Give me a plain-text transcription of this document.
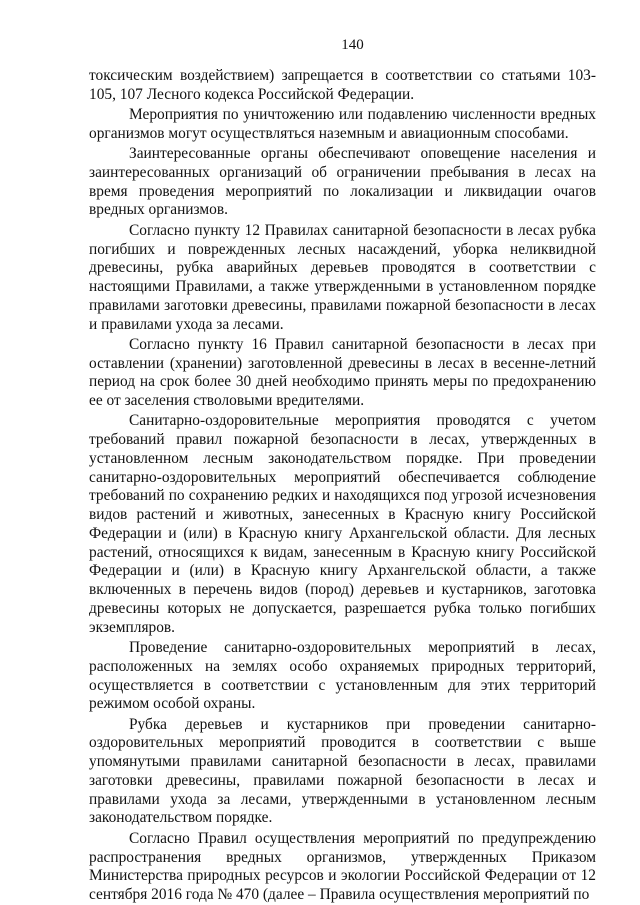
140

токсическим воздействием) запрещается в соответствии со статьями 103-105, 107 Лесного кодекса Российской Федерации.

Мероприятия по уничтожению или подавлению численности вредных организмов могут осуществляться наземным и авиационным способами.

Заинтересованные органы обеспечивают оповещение населения и заинтересованных организаций об ограничении пребывания в лесах на время проведения мероприятий по локализации и ликвидации очагов вредных организмов.

Согласно пункту 12 Правилах санитарной безопасности в лесах рубка погибших и поврежденных лесных насаждений, уборка неликвидной древесины, рубка аварийных деревьев проводятся в соответствии с настоящими Правилами, а также утвержденными в установленном порядке правилами заготовки древесины, правилами пожарной безопасности в лесах и правилами ухода за лесами.

Согласно пункту 16 Правил санитарной безопасности в лесах при оставлении (хранении) заготовленной древесины в лесах в весенне-летний период на срок более 30 дней необходимо принять меры по предохранению ее от заселения стволовыми вредителями.

Санитарно-оздоровительные мероприятия проводятся с учетом требований правил пожарной безопасности в лесах, утвержденных в установленном лесным законодательством порядке. При проведении санитарно-оздоровительных мероприятий обеспечивается соблюдение требований по сохранению редких и находящихся под угрозой исчезновения видов растений и животных, занесенных в Красную книгу Российской Федерации и (или) в Красную книгу Архангельской области. Для лесных растений, относящихся к видам, занесенным в Красную книгу Российской Федерации и (или) в Красную книгу Архангельской области, а также включенных в перечень видов (пород) деревьев и кустарников, заготовка древесины которых не допускается, разрешается рубка только погибших экземпляров.

Проведение санитарно-оздоровительных мероприятий в лесах, расположенных на землях особо охраняемых природных территорий, осуществляется в соответствии с установленным для этих территорий режимом особой охраны.

Рубка деревьев и кустарников при проведении санитарно-оздоровительных мероприятий проводится в соответствии с выше упомянутыми правилами санитарной безопасности в лесах, правилами заготовки древесины, правилами пожарной безопасности в лесах и правилами ухода за лесами, утвержденными в установленном лесным законодательством порядке.

Согласно Правил осуществления мероприятий по предупреждению распространения вредных организмов, утвержденных Приказом Министерства природных ресурсов и экологии Российской Федерации от 12 сентября 2016 года № 470 (далее – Правила осуществления мероприятий по
